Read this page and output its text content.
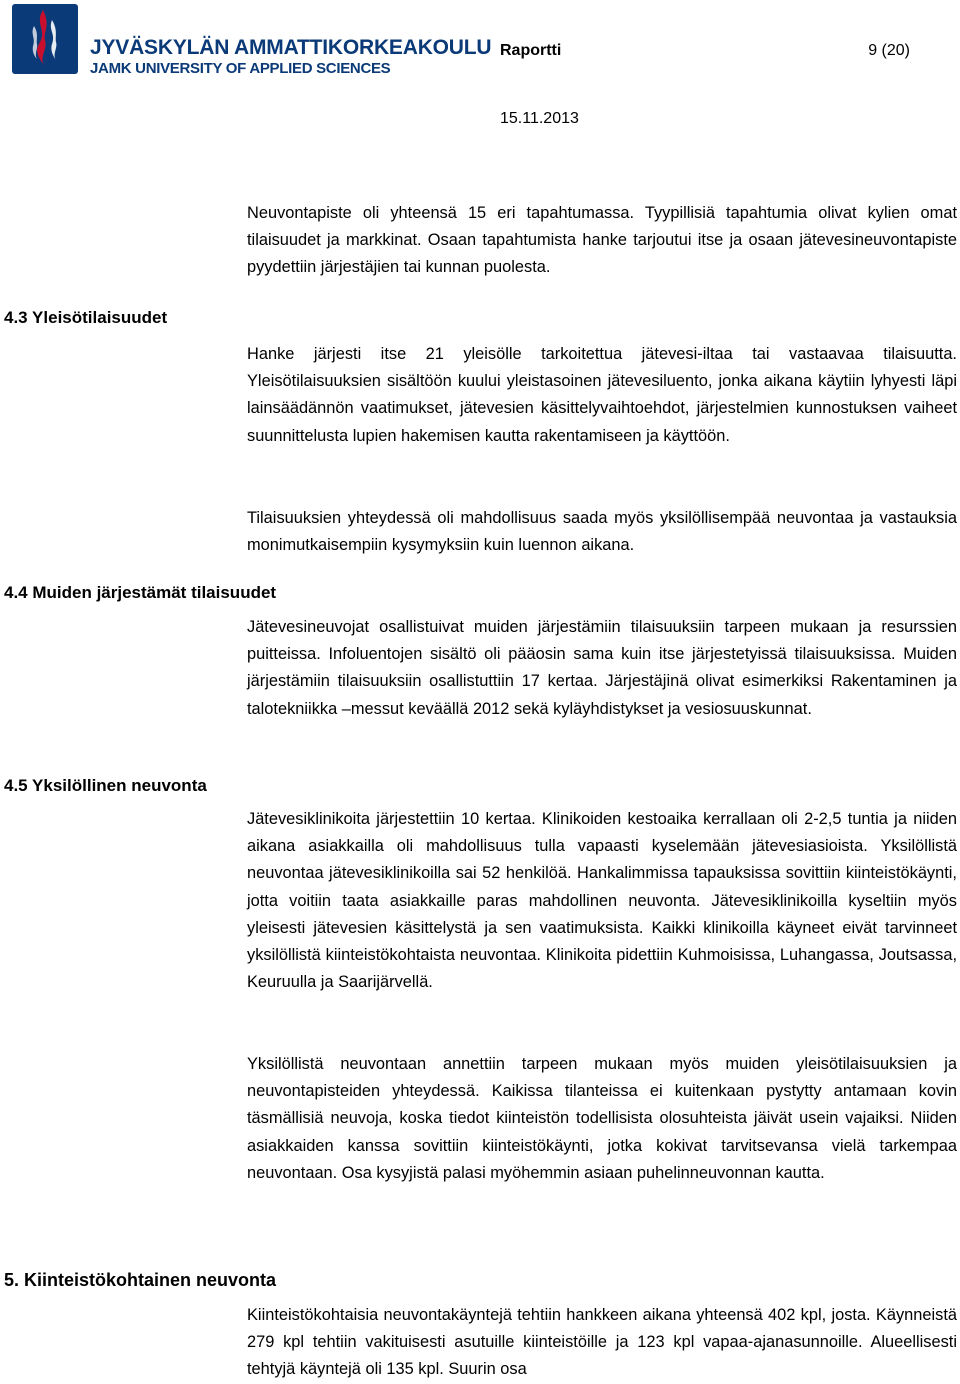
JYVÄSKYLÄN AMMATTIKORKEAKOULU
JAMK UNIVERSITY OF APPLIED SCIENCES
Raportti	9 (20)
15.11.2013

Neuvontapiste oli yhteensä 15 eri tapahtumassa. Tyypillisiä tapahtumia olivat kylien omat tilaisuudet ja markkinat. Osaan tapahtumista hanke tarjoutui itse ja osaan jätevesineuvontapiste pyydettiin järjestäjien tai kunnan puolesta.

4.3 Yleisötilaisuudet

Hanke järjesti itse 21 yleisölle tarkoitettua jätevesi-iltaa tai vastaavaa tilaisuutta. Yleisötilaisuuksien sisältöön kuului yleistasoinen jätevesiluento, jonka aikana käytiin lyhyesti läpi lainsäädännön vaatimukset, jätevesien käsittelyvaihtoehdot, järjestelmien kunnostuksen vaiheet suunnittelusta lupien hakemisen kautta rakentamiseen ja käyttöön.

Tilaisuuksien yhteydessä oli mahdollisuus saada myös yksilöllisempää neuvontaa ja vastauksia monimutkaisempiin kysymyksiin kuin luennon aikana.

4.4 Muiden järjestämät tilaisuudet

Jätevesineuvojat osallistuivat muiden järjestämiin tilaisuuksiin tarpeen mukaan ja resurssien puitteissa. Infoluentojen sisältö oli pääosin sama kuin itse järjestetyissä tilaisuuksissa. Muiden järjestämiin tilaisuuksiin osallistuttiin 17 kertaa. Järjestäjinä olivat esimerkiksi Rakentaminen ja talotekniikka –messut keväällä 2012 sekä kyläyhdistykset ja vesiosuuskunnat.

4.5 Yksilöllinen neuvonta

Jätevesiklinikoita järjestettiin 10 kertaa. Klinikoiden kestoaika kerrallaan oli 2-2,5 tuntia ja niiden aikana asiakkailla oli mahdollisuus tulla vapaasti kyselemään jätevesiasioista. Yksilöllistä neuvontaa jätevesiklinikoilla sai 52 henkilöä. Hankalimmissa tapauksissa sovittiin kiinteistökäynti, jotta voitiin taata asiakkaille paras mahdollinen neuvonta. Jätevesiklinikoilla kyseltiin myös yleisesti jätevesien käsittelystä ja sen vaatimuksista. Kaikki klinikoilla käyneet eivät tarvinneet yksilöllistä kiinteistökohtaista neuvontaa. Klinikoita pidettiin Kuhmoisissa, Luhangassa, Joutsassa, Keuruulla ja Saarijärvellä.

Yksilöllistä neuvontaan annettiin tarpeen mukaan myös muiden yleisötilaisuuksien ja neuvontapisteiden yhteydessä. Kaikissa tilanteissa ei kuitenkaan pystytty antamaan kovin täsmällisiä neuvoja, koska tiedot kiinteistön todellisista olosuhteista jäivät usein vajaiksi. Niiden asiakkaiden kanssa sovittiin kiinteistökäynti, jotka kokivat tarvitsevansa vielä tarkempaa neuvontaan. Osa kysyjistä palasi myöhemmin asiaan puhelinneuvonnan kautta.

5. Kiinteistökohtainen neuvonta

Kiinteistökohtaisia neuvontakäyntejä tehtiin hankkeen aikana yhteensä 402 kpl, josta. Käynneistä 279 kpl tehtiin vakituisesti asutuille kiinteistöille ja 123 kpl vapaa-ajanasunnoille. Alueellisesti tehtyjä käyntejä oli 135 kpl. Suurin osa
